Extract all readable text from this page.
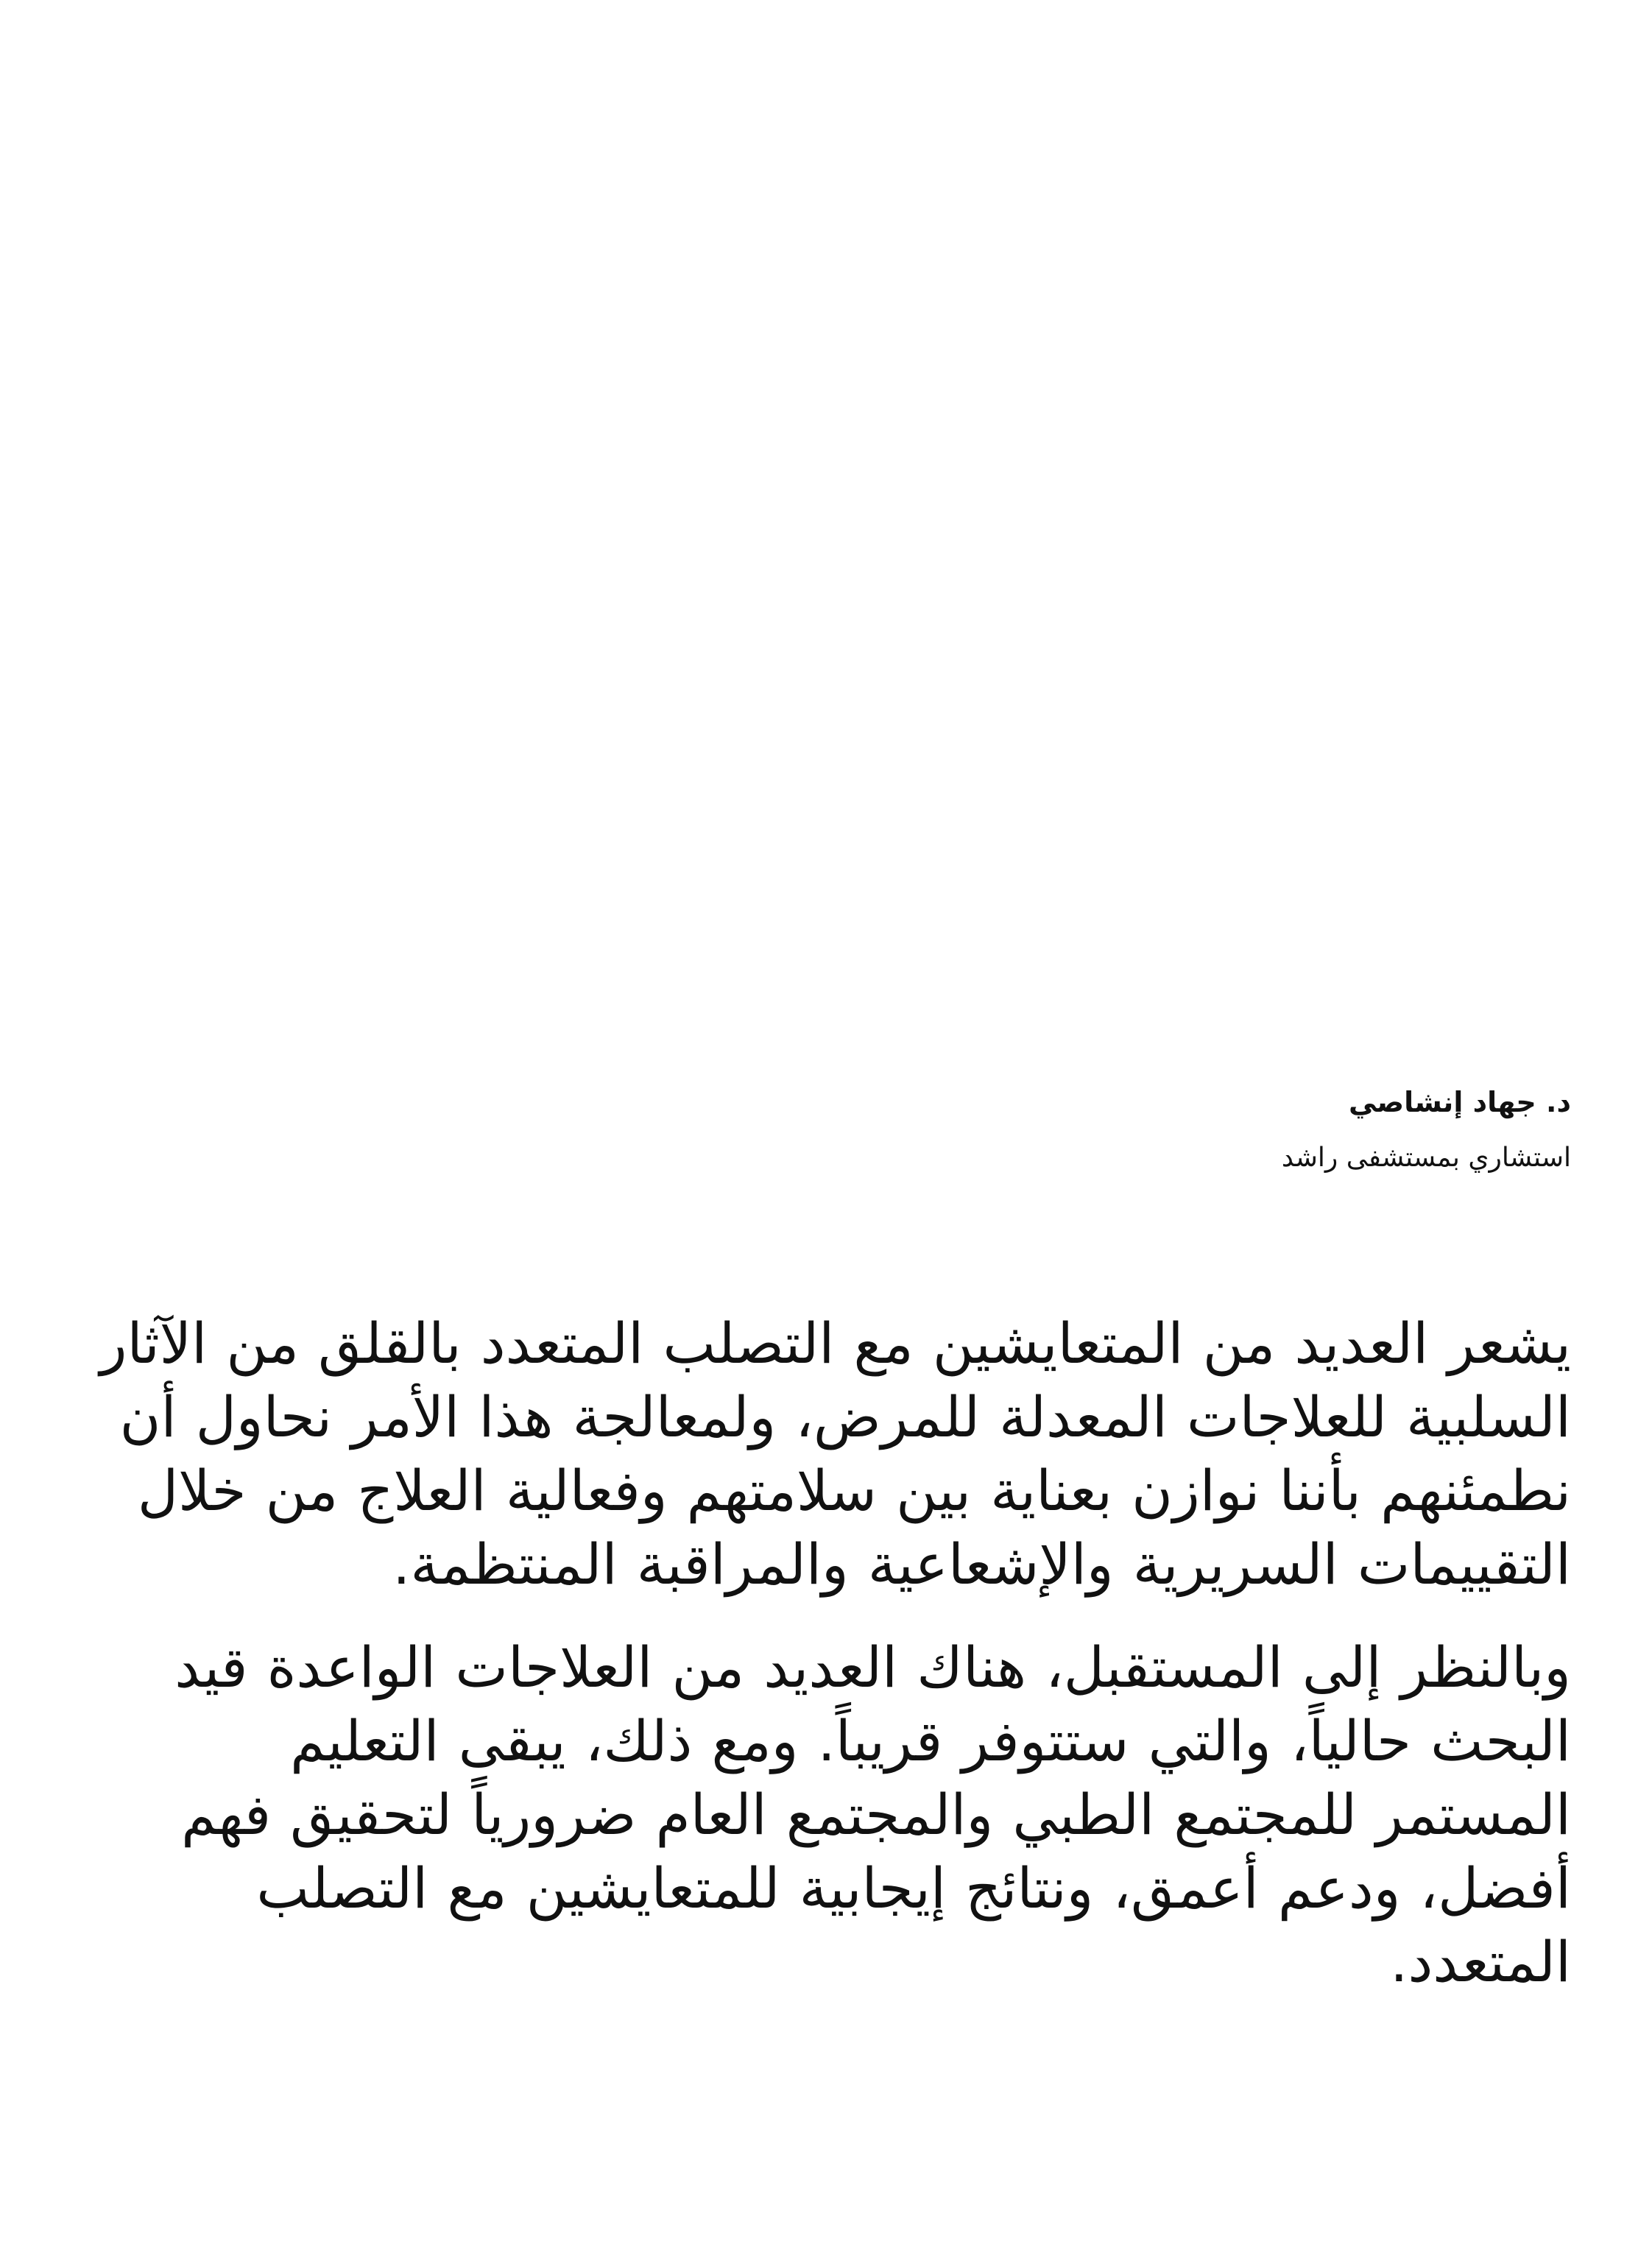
د. جهاد إنشاصي

استشاري بمستشفى راشد

يشعر العديد من المتعايشين مع التصلب المتعدد بالقلق من الآثار السلبية للعلاجات المعدلة للمرض، ولمعالجة هذا الأمر نحاول أن نطمئنهم بأننا نوازن بعناية بين سلامتهم وفعالية العلاج من خلال التقييمات السريرية والإشعاعية والمراقبة المنتظمة.

وبالنظر إلى المستقبل، هناك العديد من العلاجات الواعدة قيد البحث حالياً، والتي ستتوفر قريباً. ومع ذلك، يبقى التعليم المستمر للمجتمع الطبي والمجتمع العام ضرورياً لتحقيق فهم أفضل، ودعم أعمق، ونتائج إيجابية للمتعايشين مع التصلب المتعدد.
